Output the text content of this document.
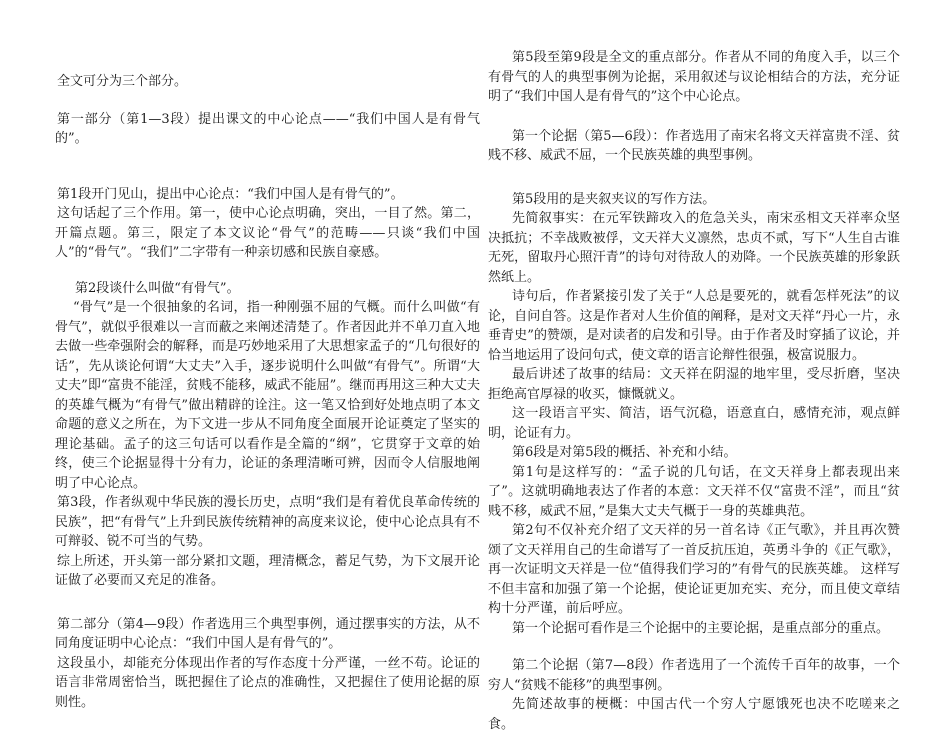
全文可分为三个部分。

第一部分（第1—3段）提出课文的中心论点——“我们中国人是有骨气的”。

第1段开门见山，提出中心论点：“我们中国人是有骨气的”。

这句话起了三个作用。第一，使中心论点明确，突出，一目了然。第二，开篇点题。第三，限定了本文议论“骨气”的范畴——只谈“我们中国人”的“骨气”。“我们”二字带有一种亲切感和民族自豪感。

第2段谈什么叫做“有骨气”。

“骨气”是一个很抽象的名词，指一种刚强不屈的气概。而什么叫做“有骨气”，就似乎很难以一言而蔽之来阐述清楚了。作者因此并不单刀直入地去做一些牵强附会的解释，而是巧妙地采用了大思想家孟子的“几句很好的话”，先从谈论何谓“大丈夫”入手，逐步说明什么叫做“有骨气”。所谓“大丈夫”即“富贵不能淫，贫贱不能移，威武不能屈”。继而再用这三种大丈夫的英雄气概为“有骨气”做出精辟的诠注。这一笔又恰到好处地点明了本文命题的意义之所在，为下文进一步从不同角度全面展开论证奠定了坚实的理论基础。孟子的这三句话可以看作是全篇的“纲”，它贯穿于文章的始终，使三个论据显得十分有力，论证的条理清晰可辨，因而令人信服地阐明了中心论点。

第3段，作者纵观中华民族的漫长历史，点明“我们是有着优良革命传统的民族”，把“有骨气”上升到民族传统精神的高度来议论，使中心论点具有不可辩驳、锐不可当的气势。

综上所述，开头第一部分紧扣文题，理清概念，蓄足气势，为下文展开论证做了必要而又充足的准备。

第二部分（第4—9段）作者选用三个典型事例，通过摆事实的方法，从不同角度证明中心论点：“我们中国人是有骨气的”。

这段虽小，却能充分体现出作者的写作态度十分严谨，一丝不苟。论证的语言非常周密恰当，既把握住了论点的准确性，又把握住了使用论据的原则性。

第5段至第9段是全文的重点部分。作者从不同的角度入手，以三个有骨气的人的典型事例为论据，采用叙述与议论相结合的方法，充分证明了“我们中国人是有骨气的”这个中心论点。

第一个论据（第5—6段）：作者选用了南宋名将文天祥富贵不淫、贫贱不移、威武不屈，一个民族英雄的典型事例。

第5段用的是夹叙夹议的写作方法。

先简叙事实：在元军铁蹄攻入的危急关头，南宋丞相文天祥率众坚决抵抗；不幸战败被俘，文天祥大义凛然，忠贞不贰，写下“人生自古谁无死，留取丹心照汗青”的诗句对待敌人的劝降。一个民族英雄的形象跃然纸上。

诗句后，作者紧接引发了关于“人总是要死的，就看怎样死法”的议论，自问自答。这是作者对人生价值的阐释，是对文天祥“丹心一片，永垂青史”的赞颂，是对读者的启发和引导。由于作者及时穿插了议论，并恰当地运用了设问句式，使文章的语言论辩性很强，极富说服力。

最后讲述了故事的结局：文天祥在阴湿的地牢里，受尽折磨，坚决拒绝高官厚禄的收买，慷慨就义。

这一段语言平实、简洁，语气沉稳，语意直白，感情充沛，观点鲜明，论证有力。

第6段是对第5段的概括、补充和小结。

第1句是这样写的：“孟子说的几句话，在文天祥身上都表现出来了”。这就明确地表达了作者的本意：文天祥不仅“富贵不淫”，而且“贫贱不移，威武不屈，”是集大丈夫气概于一身的英雄典范。

第2句不仅补充介绍了文天祥的另一首名诗《正气歌》，并且再次赞颂了文天祥用自己的生命谱写了一首反抗压迫，英勇斗争的《正气歌》，再一次证明文天祥是一位“值得我们学习的”有骨气的民族英雄。 这样写不但丰富和加强了第一个论据，使论证更加充实、充分，而且使文章结构十分严谨，前后呼应。

第一个论据可看作是三个论据中的主要论据，是重点部分的重点。

第二个论据（第7—8段）作者选用了一个流传千百年的故事，一个穷人“贫贱不能移”的典型事例。

先简述故事的梗概：中国古代一个穷人宁愿饿死也决不吃嗟来之食。
